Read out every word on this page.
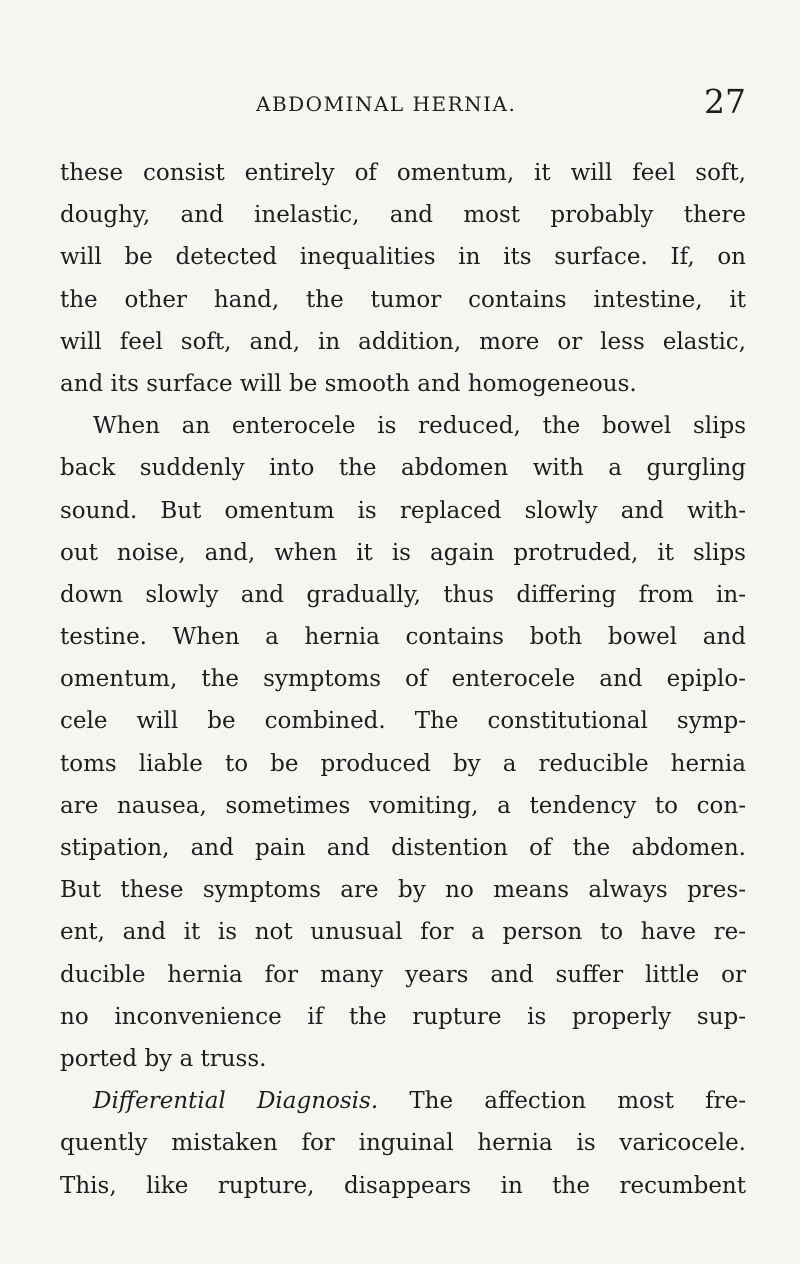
ABDOMINAL HERNIA.	27
these consist entirely of omentum, it will feel soft,
doughy, and inelastic, and most probably there
will be detected inequalities in its surface. If, on
the other hand, the tumor contains intestine, it
will feel soft, and, in addition, more or less elastic,
and its surface will be smooth and homogeneous.
When an enterocele is reduced, the bowel slips
back suddenly into the abdomen with a gurgling
sound. But omentum is replaced slowly and with-
out noise, and, when it is again protruded, it slips
down slowly and gradually, thus differing from in-
testine. When a hernia contains both bowel and
omentum, the symptoms of enterocele and epiplo-
cele will be combined. The constitutional symp-
toms liable to be produced by a reducible hernia
are nausea, sometimes vomiting, a tendency to con-
stipation, and pain and distention of the abdomen.
But these symptoms are by no means always pres-
ent, and it is not unusual for a person to have re-
ducible hernia for many years and suffer little or
no inconvenience if the rupture is properly sup-
ported by a truss.
Differential Diagnosis. The affection most fre-
quently mistaken for inguinal hernia is varicocele.
This, like rupture, disappears in the recumbent
